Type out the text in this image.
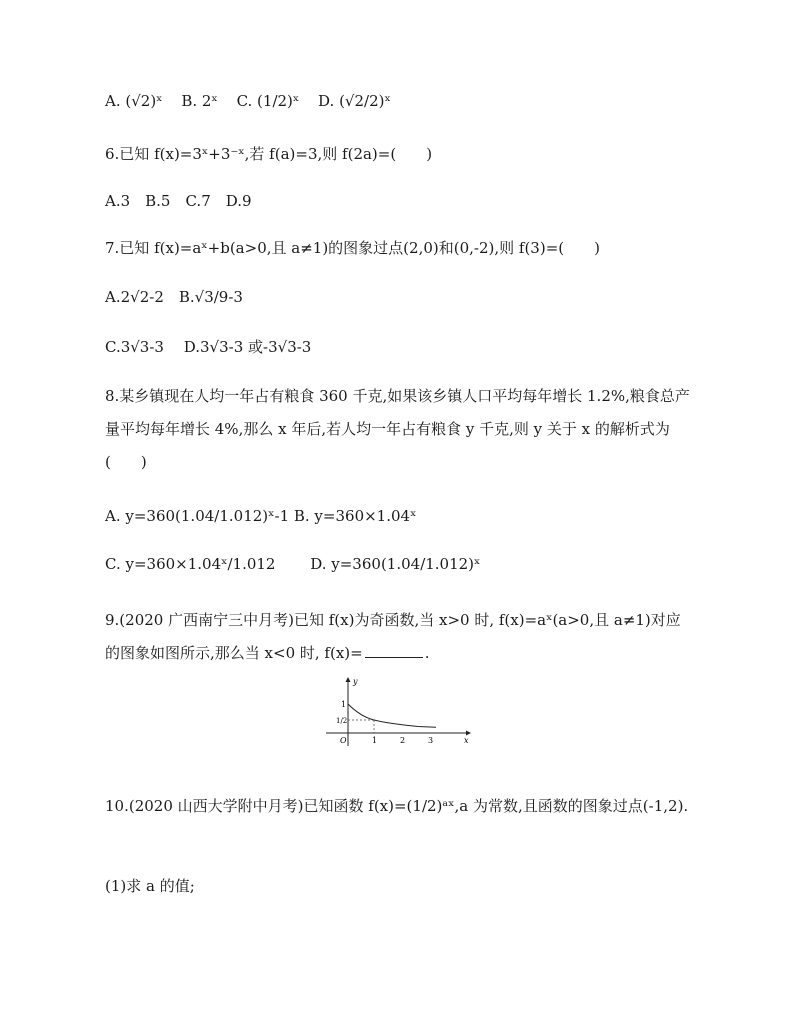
A. (√2)ˣ B. 2ˣ C. (1/2)ˣ D. (√2/2)ˣ
6.已知 f(x)=3ˣ+3⁻ˣ,若 f(a)=3,则 f(2a)=(　　)
A.3　B.5　C.7　D.9
7.已知 f(x)=aˣ+b(a>0,且 a≠1)的图象过点(2,0)和(0,-2),则 f(3)=(　　)
A.2√2-2　B.√3/9-3
C.3√3-3　 D.3√3-3 或-3√3-3
8.某乡镇现在人均一年占有粮食 360 千克,如果该乡镇人口平均每年增长 1.2%,粮食总产量平均每年增长 4%,那么 x 年后,若人均一年占有粮食 y 千克,则 y 关于 x 的解析式为(　　)
A. y=360(1.04/1.012)ˣ-1 B. y=360×1.04ˣ
C. y=360×1.04ˣ/1.012　　 D. y=360(1.04/1.012)ˣ
9.(2020 广西南宁三中月考)已知 f(x)为奇函数,当 x>0 时, f(x)=aˣ(a>0,且 a≠1)对应的图象如图所示,那么当 x<0 时, f(x)=	.
y
x
O	1	2	3
1
1/2
10.(2020 山西大学附中月考)已知函数 f(x)=(1/2)ᵃˣ,a 为常数,且函数的图象过点(-1,2).
(1)求 a 的值;
